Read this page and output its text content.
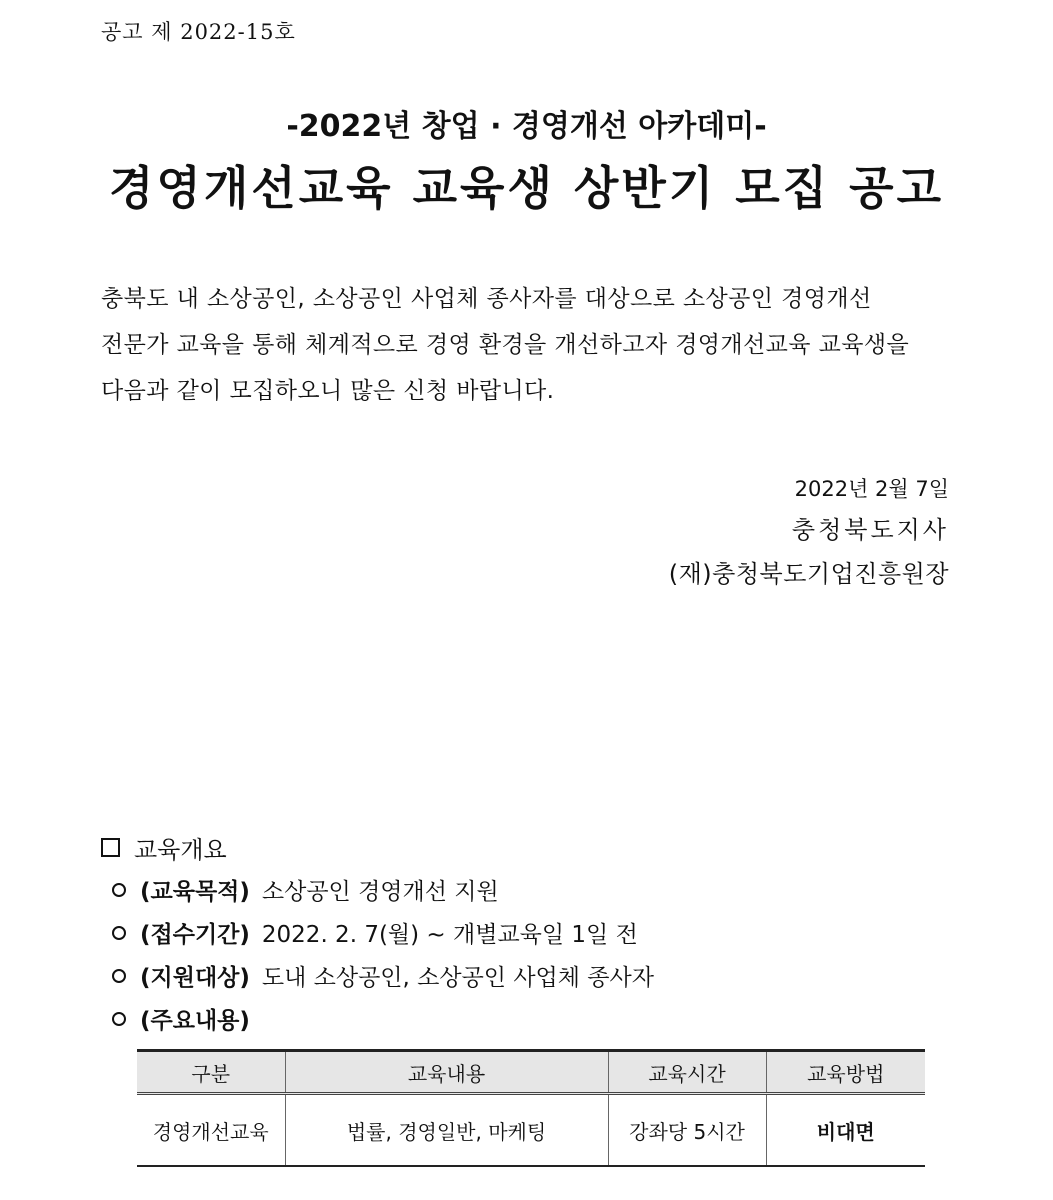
공고 제 2022-15호
-2022년 창업 · 경영개선 아카데미-
경영개선교육 교육생 상반기 모집 공고
충북도 내 소상공인, 소상공인 사업체 종사자를 대상으로 소상공인 경영개선
전문가 교육을 통해 체계적으로 경영 환경을 개선하고자 경영개선교육 교육생을
다음과 같이 모집하오니 많은 신청 바랍니다.
2022년 2월 7일
충청북도지사
(재)충청북도기업진흥원장
교육개요
(교육목적) 소상공인 경영개선 지원
(접수기간) 2022. 2. 7(월) ~ 개별교육일 1일 전
(지원대상) 도내 소상공인, 소상공인 사업체 종사자
(주요내용)
구분	교육내용	교육시간	교육방법
경영개선교육	법률, 경영일반, 마케팅	강좌당 5시간	비대면
